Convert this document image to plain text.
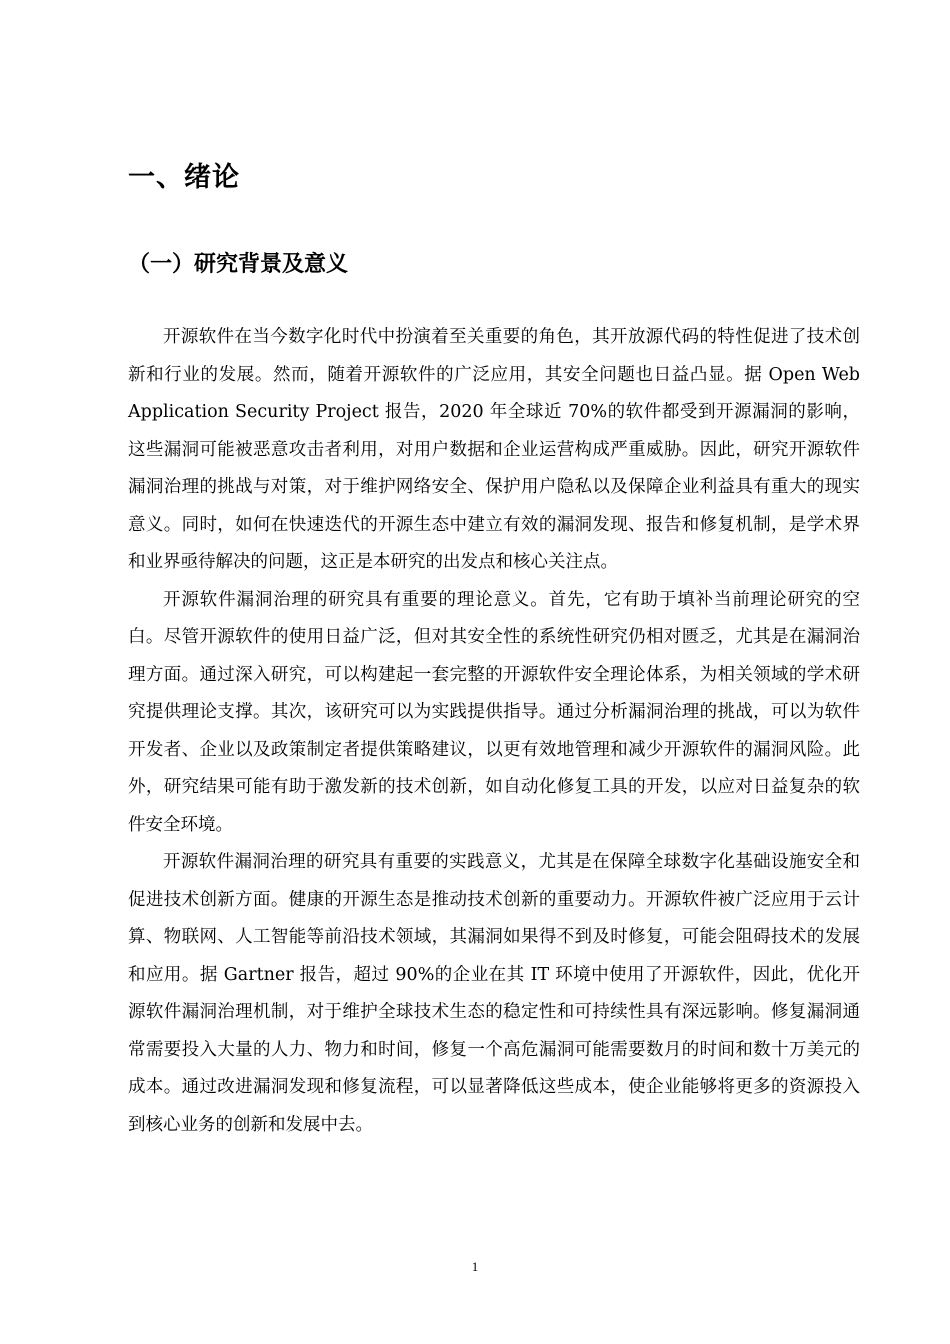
一、绪论
（一）研究背景及意义

开源软件在当今数字化时代中扮演着至关重要的角色，其开放源代码的特性促进了技术创新和行业的发展。然而，随着开源软件的广泛应用，其安全问题也日益凸显。据 Open Web Application Security Project 报告，2020 年全球近 70%的软件都受到开源漏洞的影响，这些漏洞可能被恶意攻击者利用，对用户数据和企业运营构成严重威胁。因此，研究开源软件漏洞治理的挑战与对策，对于维护网络安全、保护用户隐私以及保障企业利益具有重大的现实意义。同时，如何在快速迭代的开源生态中建立有效的漏洞发现、报告和修复机制，是学术界和业界亟待解决的问题，这正是本研究的出发点和核心关注点。

开源软件漏洞治理的研究具有重要的理论意义。首先，它有助于填补当前理论研究的空白。尽管开源软件的使用日益广泛，但对其安全性的系统性研究仍相对匮乏，尤其是在漏洞治理方面。通过深入研究，可以构建起一套完整的开源软件安全理论体系，为相关领域的学术研究提供理论支撑。其次，该研究可以为实践提供指导。通过分析漏洞治理的挑战，可以为软件开发者、企业以及政策制定者提供策略建议，以更有效地管理和减少开源软件的漏洞风险。此外，研究结果可能有助于激发新的技术创新，如自动化修复工具的开发，以应对日益复杂的软件安全环境。

开源软件漏洞治理的研究具有重要的实践意义，尤其是在保障全球数字化基础设施安全和促进技术创新方面。健康的开源生态是推动技术创新的重要动力。开源软件被广泛应用于云计算、物联网、人工智能等前沿技术领域，其漏洞如果得不到及时修复，可能会阻碍技术的发展和应用。据 Gartner 报告，超过 90%的企业在其 IT 环境中使用了开源软件，因此，优化开源软件漏洞治理机制，对于维护全球技术生态的稳定性和可持续性具有深远影响。修复漏洞通常需要投入大量的人力、物力和时间，修复一个高危漏洞可能需要数月的时间和数十万美元的成本。通过改进漏洞发现和修复流程，可以显著降低这些成本，使企业能够将更多的资源投入到核心业务的创新和发展中去。

1
